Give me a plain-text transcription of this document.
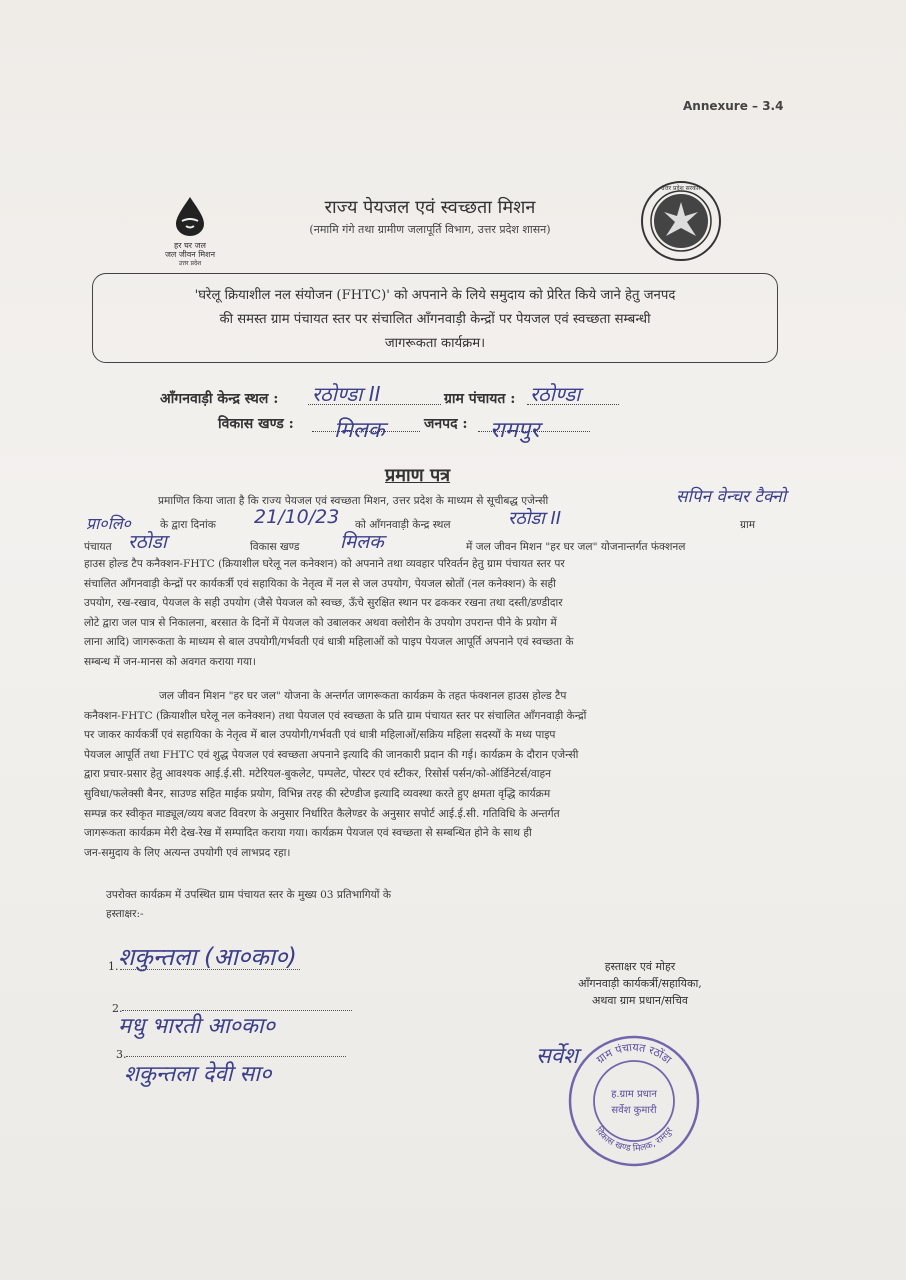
Annexure – 3.4
हर घर जल
जल जीवन मिशन
उत्तर प्रदेश
राज्य पेयजल एवं स्वच्छता मिशन
(नमामि गंगे तथा ग्रामीण जलापूर्ति विभाग, उत्तर प्रदेश शासन)
उत्तर प्रदेश सरकार
'घरेलू क्रियाशील नल संयोजन (FHTC)' को अपनाने के लिये समुदाय को प्रेरित किये जाने हेतु जनपद
की समस्त ग्राम पंचायत स्तर पर संचालित आँगनवाड़ी केन्द्रों पर पेयजल एवं स्वच्छता सम्बन्धी
जागरूकता कार्यक्रम।
आँगनवाड़ी केन्द्र स्थल : रठोण्डा II	ग्राम पंचायत : रठोण्डा
विकास खण्ड : मिलक	जनपद : रामपुर
प्रमाण पत्र
प्रमाणित किया जाता है कि राज्य पेयजल एवं स्वच्छता मिशन, उत्तर प्रदेश के माध्यम से सूचीबद्ध एजेन्सी	सपिन वेन्चर टैक्नो
प्रा०लि०	के द्वारा दिनांक 21/10/23 को आँगनवाड़ी केन्द्र स्थल	रठोडा II	ग्राम
पंचायत रठोडा	विकास खण्ड मिलक	में जल जीवन मिशन "हर घर जल" योजनान्तर्गत फंक्शनल
हाउस होल्ड टैप कनैक्शन-FHTC (क्रियाशील घरेलू नल कनेक्शन) को अपनाने तथा व्यवहार परिवर्तन हेतु ग्राम पंचायत स्तर पर
संचालित आँगनवाड़ी केन्द्रों पर कार्यकर्त्री एवं सहायिका के नेतृत्व में नल से जल उपयोग, पेयजल स्रोतों (नल कनेक्शन) के सही
उपयोग, रख-रखाव, पेयजल के सही उपयोग (जैसे पेयजल को स्वच्छ, ऊँचे सुरक्षित स्थान पर ढककर रखना तथा दस्ती/डण्डीदार
लोटे द्वारा जल पात्र से निकालना, बरसात के दिनों में पेयजल को उबालकर अथवा क्लोरीन के उपयोग उपरान्त पीने के प्रयोग में
लाना आदि) जागरूकता के माध्यम से बाल उपयोगी/गर्भवती एवं धात्री महिलाओं को पाइप पेयजल आपूर्ति अपनाने एवं स्वच्छता के
सम्बन्ध में जन-मानस को अवगत कराया गया।
जल जीवन मिशन "हर घर जल" योजना के अन्तर्गत जागरूकता कार्यक्रम के तहत फंक्शनल हाउस होल्ड टैप
कनैक्शन-FHTC (क्रियाशील घरेलू नल कनेक्शन) तथा पेयजल एवं स्वच्छता के प्रति ग्राम पंचायत स्तर पर संचालित आँगनवाड़ी केन्द्रों
पर जाकर कार्यकर्त्री एवं सहायिका के नेतृत्व में बाल उपयोगी/गर्भवती एवं धात्री महिलाओं/सक्रिय महिला सदस्यों के मध्य पाइप
पेयजल आपूर्ति तथा FHTC एवं शुद्ध पेयजल एवं स्वच्छता अपनाने इत्यादि की जानकारी प्रदान की गई। कार्यक्रम के दौरान एजेन्सी
द्वारा प्रचार-प्रसार हेतु आवश्यक आई.ई.सी. मटेरियल-बुकलेट, पम्पलेट, पोस्टर एवं स्टीकर, रिसोर्स पर्सन/को-ऑर्डिनेटर्स/वाहन
सुविधा/फलेक्सी बैनर, साउण्ड सहित माईक प्रयोग, विभिन्न तरह की स्टेण्डीज इत्यादि व्यवस्था करते हुए क्षमता वृद्धि कार्यक्रम
सम्पन्न कर स्वीकृत माड्यूल/व्यय बजट विवरण के अनुसार निर्धारित कैलेण्डर के अनुसार सपोर्ट आई.ई.सी. गतिविधि के अन्तर्गत
जागरूकता कार्यक्रम मेरी देख-रेख में सम्पादित कराया गया। कार्यक्रम पेयजल एवं स्वच्छता से सम्बन्धित होने के साथ ही
जन-समुदाय के लिए अत्यन्त उपयोगी एवं लाभप्रद रहा।
उपरोक्त कार्यक्रम में उपस्थित ग्राम पंचायत स्तर के मुख्य 03 प्रतिभागियों के
हस्ताक्षर:-
1. शकुन्तला (आ०का०)
2.
मधु भारती आ०का०
3.
शकुन्तला देवी सा०
हस्ताक्षर एवं मोहर
आँगनवाड़ी कार्यकर्त्री/सहायिका,
अथवा ग्राम प्रधान/सचिव
सर्वेश ग्राम पंचायत रठोंडा
विकास खण्ड मिलक, रामपुर
ह.ग्राम प्रधान
सर्वेश कुमारी
